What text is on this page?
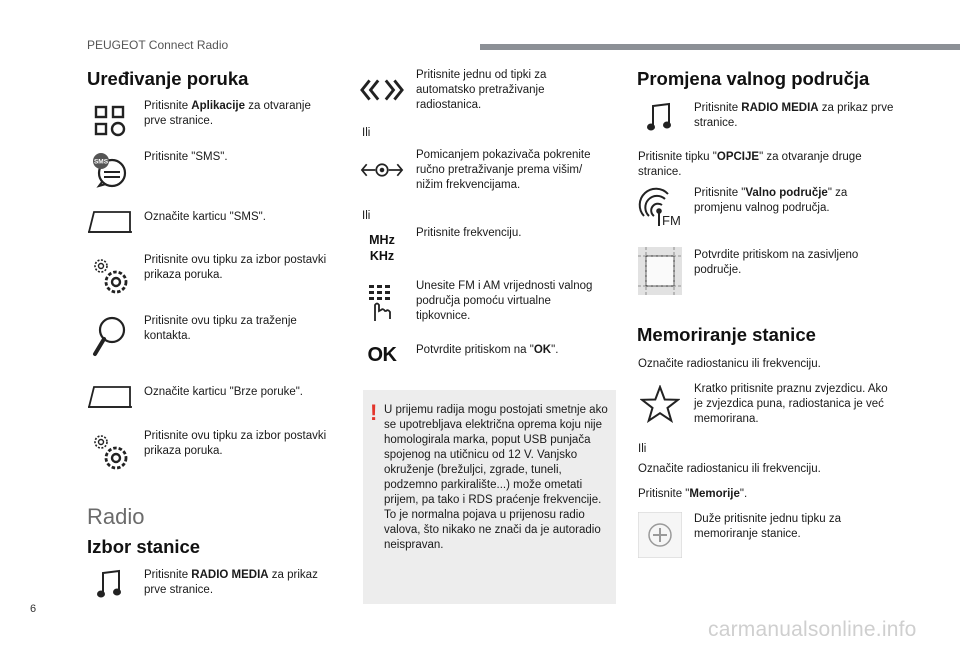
PEUGEOT Connect Radio
Uređivanje poruka
Pritisnite Aplikacije za otvaranje prve stranice.
SMS	Pritisnite "SMS".
Označite karticu "SMS".
Pritisnite ovu tipku za izbor postavki prikaza poruka.
Pritisnite ovu tipku za traženje kontakta.
Označite karticu "Brze poruke".
Pritisnite ovu tipku za izbor postavki prikaza poruka.
Radio
Izbor stanice
Pritisnite RADIO MEDIA za prikaz prve stranice.
Pritisnite jednu od tipki za automatsko pretraživanje radiostanica.
Ili
Pomicanjem pokazivača pokrenite ručno pretraživanje prema višim/ nižim frekvencijama.
Ili
MHz
KHz
Pritisnite frekvenciju.
Unesite FM i AM vrijednosti valnog područja pomoću virtualne tipkovnice.
OK	Potvrdite pritiskom na "OK".
! U prijemu radija mogu postojati smetnje ako se upotrebljava električna oprema koju nije homologirala marka, poput USB punjača spojenog na utičnicu od 12 V. Vanjsko okruženje (brežuljci, zgrade, tuneli, podzemno parkiralište...) može ometati prijem, pa tako i RDS praćenje frekvencije. To je normalna pojava u prijenosu radio valova, što nikako ne znači da je autoradio neispravan.
Promjena valnog područja
Pritisnite RADIO MEDIA za prikaz prve stranice.
Pritisnite tipku "OPCIJE" za otvaranje druge stranice.
FM
Pritisnite "Valno područje" za promjenu valnog područja.
Potvrdite pritiskom na zasivljeno područje.
Memoriranje stanice
Označite radiostanicu ili frekvenciju.
Kratko pritisnite praznu zvjezdicu. Ako je zvjezdica puna, radiostanica je već memorirana.
Ili
Označite radiostanicu ili frekvenciju.
Pritisnite "Memorije".
Duže pritisnite jednu tipku za memoriranje stanice.
6
carmanualsonline.info
